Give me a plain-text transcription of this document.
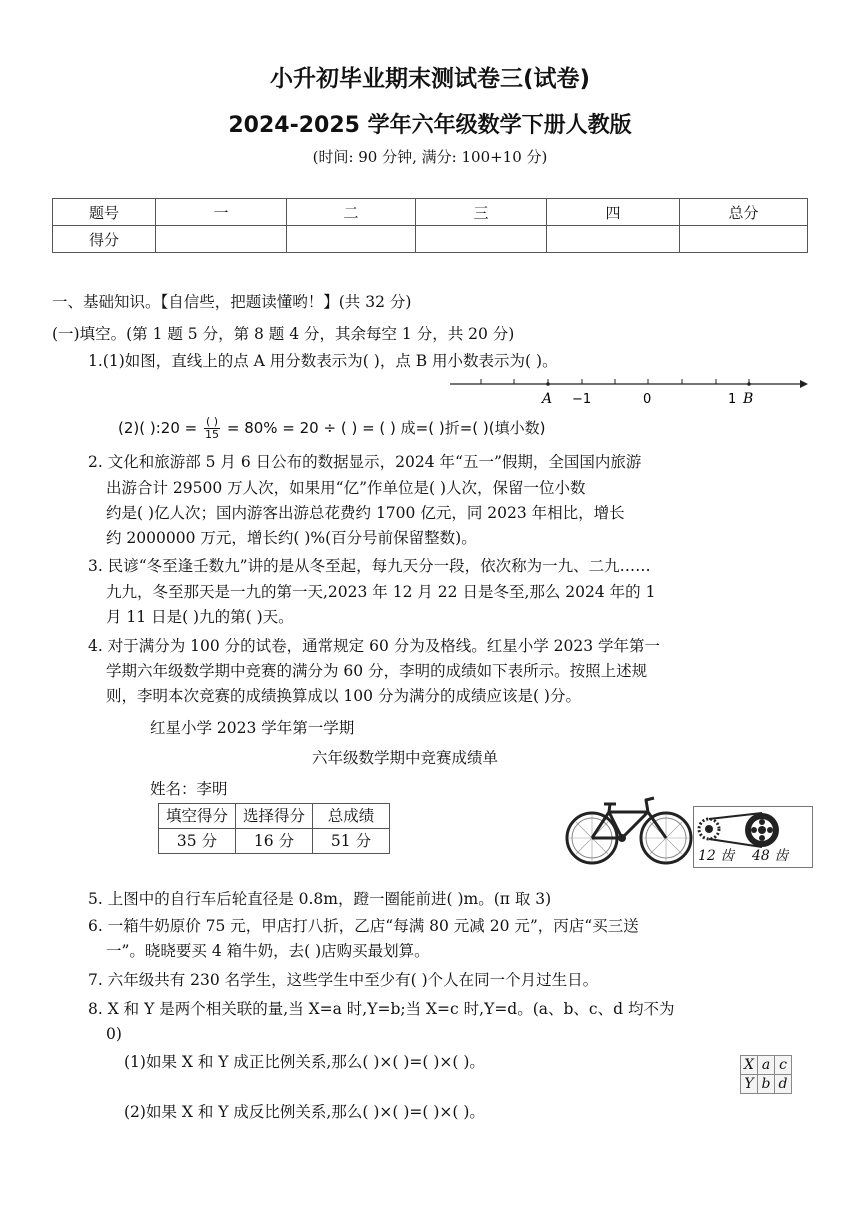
小升初毕业期末测试卷三(试卷)
2024-2025 学年六年级数学下册人教版
(时间: 90 分钟, 满分: 100+10 分)
题号	一	二	三	四	总分
得分					
一、基础知识。【自信些，把题读懂哟！】(共 32 分)
(一)填空。(第 1 题 5 分，第 8 题 4 分，其余每空 1 分，共 20 分)
1.(1)如图，直线上的点 A 用分数表示为( )，点 B 用小数表示为( )。
A −1	0	1 B
(2)( ):20 = $\frac{( )}{15} = 80\% = 20$ ÷ ( ) = ( ) 成=( )折=( )(填小数)
2. 文化和旅游部 5 月 6 日公布的数据显示，2024 年“五一”假期，全国国内旅游
出游合计 29500 万人次，如果用“亿”作单位是( )人次，保留一位小数
约是( )亿人次；国内游客出游总花费约 1700 亿元，同 2023 年相比，增长
约 2000000 万元，增长约( )%(百分号前保留整数)。
3. 民谚“冬至逢壬数九”讲的是从冬至起，每九天分一段，依次称为一九、二九……
九九，冬至那天是一九的第一天,2023 年 12 月 22 日是冬至,那么 2024 年的 1
月 11 日是( )九的第( )天。
4. 对于满分为 100 分的试卷，通常规定 60 分为及格线。红星小学 2023 学年第一
学期六年级数学期中竞赛的满分为 60 分，李明的成绩如下表所示。按照上述规
则，李明本次竞赛的成绩换算成以 100 分为满分的成绩应该是( )分。
红星小学 2023 学年第一学期
六年级数学期中竞赛成绩单
姓名：李明
填空得分	选择得分	总成绩
35 分	16 分	51 分
12 齿 48 齿
5. 上图中的自行车后轮直径是 0.8m，蹬一圈能前进( )m。(π 取 3)
6. 一箱牛奶原价 75 元，甲店打八折，乙店“每满 80 元减 20 元”，丙店“买三送
一”。晓晓要买 4 箱牛奶，去( )店购买最划算。
7. 六年级共有 230 名学生，这些学生中至少有( )个人在同一个月过生日。
8. X 和 Y 是两个相关联的量,当 X=a 时,Y=b;当 X=c 时,Y=d。(a、b、c、d 均不为
0)
(1)如果 X 和 Y 成正比例关系,那么( )×( )=( )×( )。
(2)如果 X 和 Y 成反比例关系,那么( )×( )=( )×( )。
X	a	c
Y	b	d
